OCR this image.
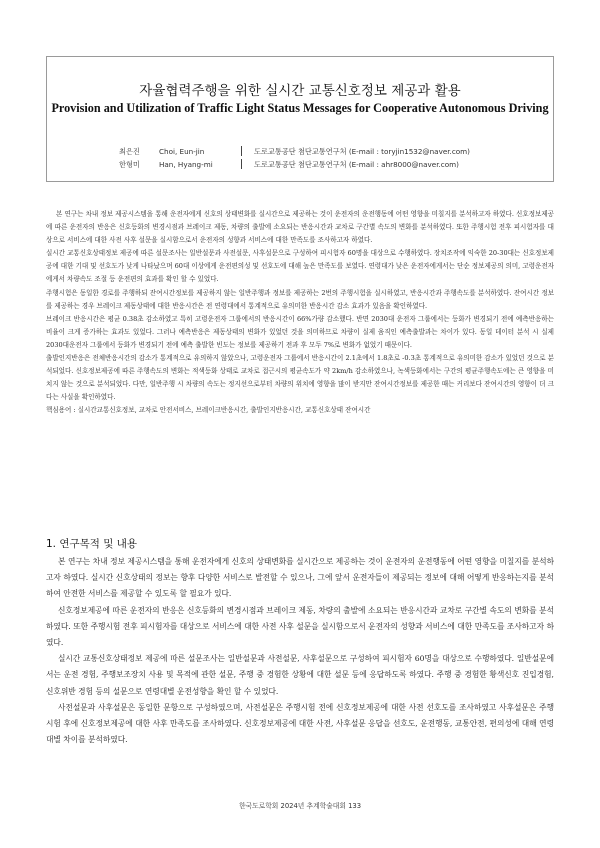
자율협력주행을 위한 실시간 교통신호정보 제공과 활용
Provision and Utilization of Traffic Light Status Messages for Cooperative Autonomous Driving
최은진	Choi, Eun-jin	도로교통공단 첨단교통연구처 (E-mail : toryjin1532@naver.com)
한형미	Han, Hyang-mi	도로교통공단 첨단교통연구처 (E-mail : ahr8000@naver.com)

본 연구는 차내 정보 제공시스템을 통해 운전자에게 신호의 상태변화를 실시간으로 제공하는 것이 운전자의 운전행동에 어떤 영향을 미칠지를 분석하고자 하였다. 신호정보제공에 따른 운전자의 반응은 신호등화의 변경시점과 브레이크 제동, 차량의 출발에 소요되는 반응시간과 교차로 구간별 속도의 변화를 분석하였다. 또한 주행시험 전후 피시험자를 대상으로 서비스에 대한 사전 사후 설문을 실시함으로서 운전자의 성향과 서비스에 대한 만족도를 조사하고자 하였다.

실시간 교통신호상태정보 제공에 따른 설문조사는 일반설문과 사전설문, 사후설문으로 구성하여 피시험자 60명을 대상으로 수행하였다. 장치조작에 익숙한 20-30대는 신호정보제공에 대한 기대 및 선호도가 낮게 나타났으며 60대 이상에게 운전편의성 및 선호도에 대해 높은 만족도를 보였다. 연령대가 낮은 운전자에게서는 단순 정보제공의 의미, 고령운전자에게서 차량속도 조절 등 운전편의 효과를 확인 할 수 있었다.

주행시험은 동일한 경로를 주행하되 잔여시간정보를 제공하지 않는 일반주행과 정보를 제공하는 2번의 주행시험을 실시하였고, 반응시간과 주행속도를 분석하였다. 잔여시간 정보를 제공하는 경우 브레이크 제동상태에 대한 반응시간은 전 연령대에서 통계적으로 유의미한 반응시간 감소 효과가 있음을 확인하였다.

브레이크 반응시간은 평균 0.38초 감소하였고 특히 고령운전자 그룹에서의 반응시간이 66%가량 감소했다. 반면 2030대 운전자 그룹에서는 등화가 변경되기 전에 예측반응하는 비율이 크게 증가하는 효과도 있었다. 그러나 예측반응은 제동상태의 변화가 있었던 것을 의미하므로 차량이 실제 움직인 예측출발과는 차이가 있다. 동일 데이터 분석 시 실제 2030대운전자 그룹에서 등화가 변경되기 전에 예측 출발한 빈도는 정보를 제공하기 전과 후 모두 7%로 변화가 없었기 때문이다.

출발인지반응은 전체반응시간의 감소가 통계적으로 유의하지 않았으나, 고령운전자 그룹에서 반응시간이 2.1초에서 1.8초로 -0.3초 통계적으로 유의미한 감소가 있었던 것으로 분석되었다. 신호정보제공에 따른 주행속도의 변화는 적색등화 상태로 교차로 접근시의 평균속도가 약 2km/h 감소하였으나, 녹색등화에서는 구간의 평균주행속도에는 큰 영향을 미치지 않는 것으로 분석되었다. 다만, 일반주행 시 차량의 속도는 정지선으로부터 차량의 위치에 영향을 많이 받지만 잔여시간정보를 제공한 때는 커리보다 잔여시간의 영향이 더 크다는 사실을 확인하였다.

핵심용어 : 실시간교통신호정보, 교차로 안전서비스, 브레이크반응시간, 출발인지반응시간, 교통신호상태 잔여시간

1. 연구목적 및 내용

본 연구는 차내 정보 제공시스템을 통해 운전자에게 신호의 상태변화를 실시간으로 제공하는 것이 운전자의 운전행동에 어떤 영향을 미칠지를 분석하고자 하였다. 실시간 신호상태의 정보는 향후 다양한 서비스로 발전할 수 있으나, 그에 앞서 운전자들이 제공되는 정보에 대해 어떻게 반응하는지를 분석하여 안전한 서비스를 제공할 수 있도록 할 필요가 있다.

신호정보제공에 따른 운전자의 반응은 신호등화의 변경시점과 브레이크 제동, 차량의 출발에 소요되는 반응시간과 교차로 구간별 속도의 변화를 분석하였다. 또한 주행시험 전후 피시험자를 대상으로 서비스에 대한 사전 사후 설문을 실시함으로서 운전자의 성향과 서비스에 대한 만족도를 조사하고자 하였다.

실시간 교통신호상태정보 제공에 따른 설문조사는 일반설문과 사전설문, 사후설문으로 구성하여 피시험자 60명을 대상으로 수행하였다. 일반설문에서는 운전 경험, 주행보조장치 사용 및 목적에 관한 설문, 주행 중 경험한 상황에 대한 설문 등에 응답하도록 하였다. 주행 중 경험한 황색신호 진입경험, 신호위반 경험 등의 설문으로 연령대별 운전성향을 확인 할 수 있었다.

사전설문과 사후설문은 동일한 문항으로 구성하였으며, 사전설문은 주행시험 전에 신호정보제공에 대한 사전 선호도를 조사하였고 사후설문은 주행시험 후에 신호정보제공에 대한 사후 만족도를 조사하였다. 신호정보제공에 대한 사전, 사후설문 응답을 선호도, 운전행동, 교통안전, 편의성에 대해 연령대별 차이를 분석하였다.

한국도로학회 2024년 추계학술대회 133
